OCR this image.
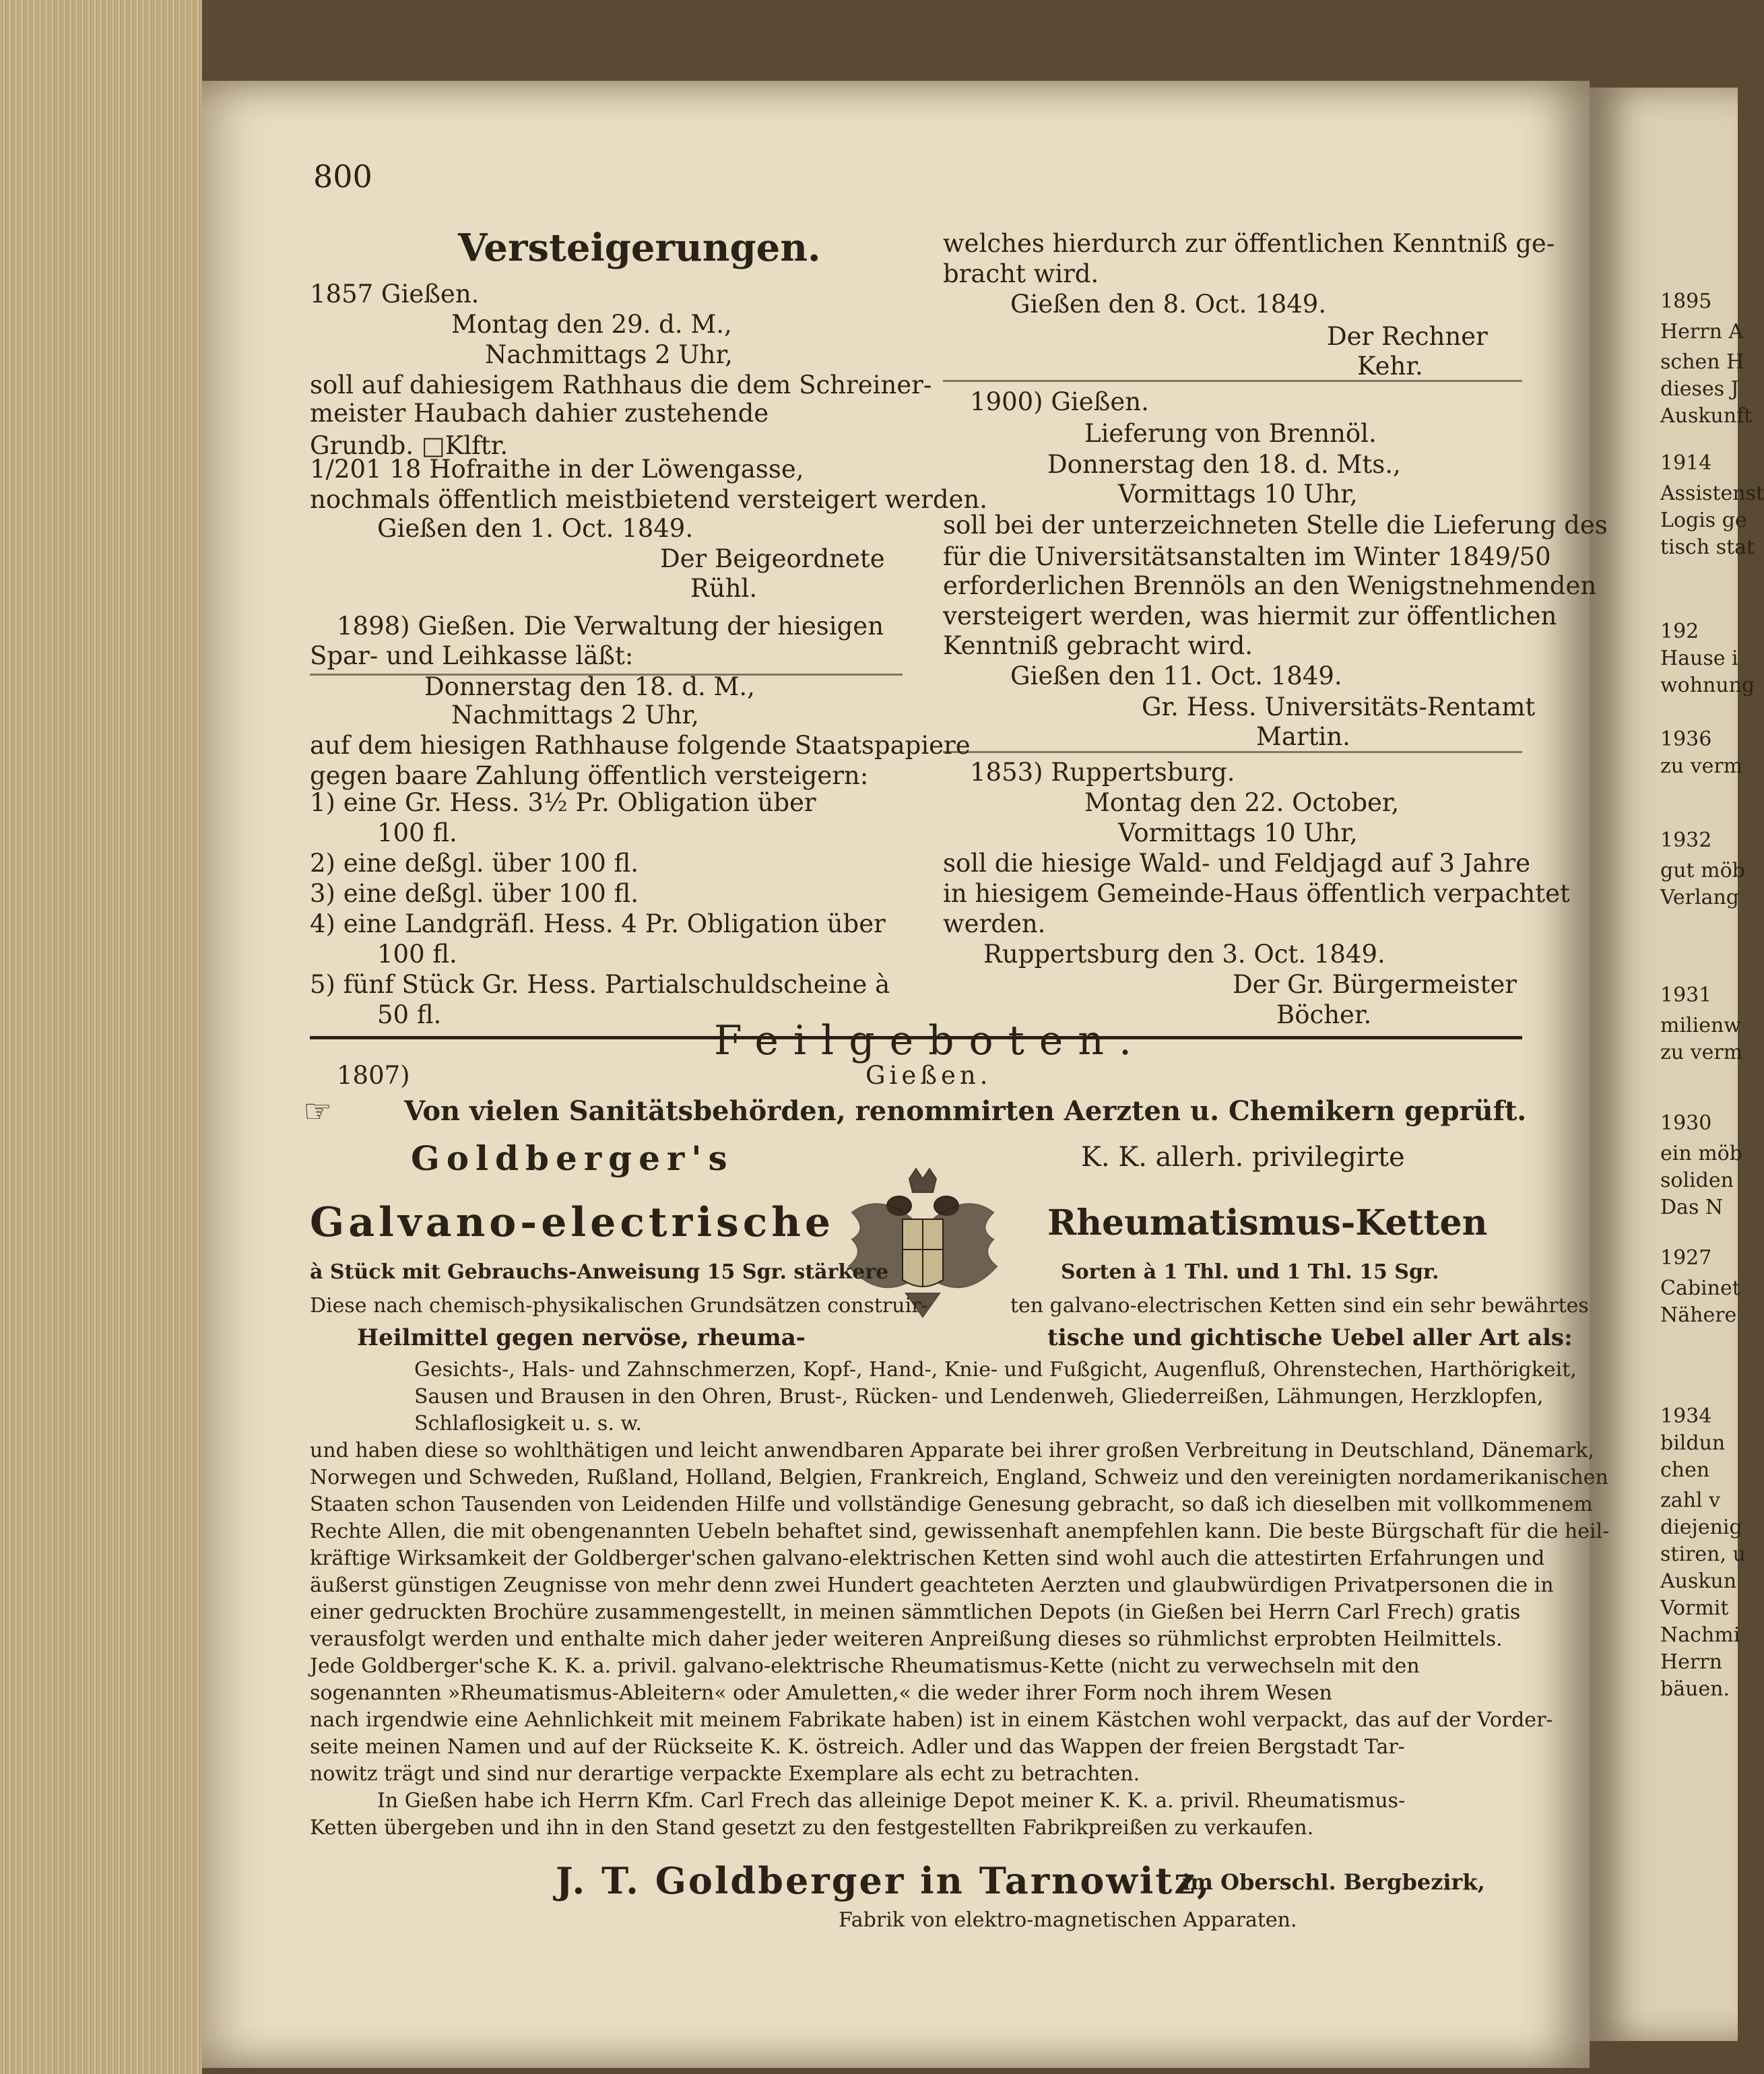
1895
Herrn A
schen H
dieses J
Auskunft
1914
Assistenst
Logis ge
tisch stat
192
Hause i
wohnung
1936
zu verm
1932
gut möb
Verlang
1931
milienw
zu verm
1930
ein möb
soliden
Das N
1927
Cabinet
Nähere
1934
bildun
chen
zahl v
diejenig
stiren, u
Auskun
Vormit
Nachmi
Herrn
bäuen.
800
Versteigerungen.
Feilgeboten.
1807)	Gießen.
☞	Von vielen Sanitätsbehörden, renommirten Aerzten u. Chemikern geprüft.
Goldberger's	K. K. allerh. privilegirte
Galvano-electrische	Rheumatismus-Ketten
à Stück mit Gebrauchs-Anweisung 15 Sgr. stärkere	Sorten à 1 Thl. und 1 Thl. 15 Sgr.
Diese nach chemisch-physikalischen Grundsätzen construir-	ten galvano-electrischen Ketten sind ein sehr bewährtes
Heilmittel gegen nervöse, rheuma-	tische und gichtische Uebel aller Art als:
J. T. Goldberger in Tarnowitz,
im Oberschl. Bergbezirk,
Fabrik von elektro-magnetischen Apparaten.
1857 Gießen.
Montag den 29. d. M.,
Nachmittags 2 Uhr,
soll auf dahiesigem Rathhaus die dem Schreiner-
meister Haubach dahier zustehende
Grundb. □Klftr.
1/201 18 Hofraithe in der Löwengasse,
nochmals öffentlich meistbietend versteigert werden.
Gießen den 1. Oct. 1849.
Der Beigeordnete
Rühl.
1898) Gießen. Die Verwaltung der hiesigen
Spar- und Leihkasse läßt:
Donnerstag den 18. d. M.,
Nachmittags 2 Uhr,
auf dem hiesigen Rathhause folgende Staatspapiere
gegen baare Zahlung öffentlich versteigern:
1) eine Gr. Hess. 3½ Pr. Obligation über
100 fl.
2) eine deßgl. über 100 fl.
3) eine deßgl. über 100 fl.
4) eine Landgräfl. Hess. 4 Pr. Obligation über
100 fl.
5) fünf Stück Gr. Hess. Partialschuldscheine à
50 fl.
welches hierdurch zur öffentlichen Kenntniß ge-
bracht wird.
Gießen den 8. Oct. 1849.
Der Rechner
Kehr.
1900) Gießen.
Lieferung von Brennöl.
Donnerstag den 18. d. Mts.,
Vormittags 10 Uhr,
soll bei der unterzeichneten Stelle die Lieferung des
für die Universitätsanstalten im Winter 1849/50
erforderlichen Brennöls an den Wenigstnehmenden
versteigert werden, was hiermit zur öffentlichen
Kenntniß gebracht wird.
Gießen den 11. Oct. 1849.
Gr. Hess. Universitäts-Rentamt
Martin.
1853) Ruppertsburg.
Montag den 22. October,
Vormittags 10 Uhr,
soll die hiesige Wald- und Feldjagd auf 3 Jahre
in hiesigem Gemeinde-Haus öffentlich verpachtet
werden.
Ruppertsburg den 3. Oct. 1849.
Der Gr. Bürgermeister
Böcher.
Gesichts-, Hals- und Zahnschmerzen, Kopf-, Hand-, Knie- und Fußgicht, Augenfluß, Ohrenstechen, Harthörigkeit,
Sausen und Brausen in den Ohren, Brust-, Rücken- und Lendenweh, Gliederreißen, Lähmungen, Herzklopfen,
Schlaflosigkeit u. s. w.
und haben diese so wohlthätigen und leicht anwendbaren Apparate bei ihrer großen Verbreitung in Deutschland, Dänemark,
Norwegen und Schweden, Rußland, Holland, Belgien, Frankreich, England, Schweiz und den vereinigten nordamerikanischen
Staaten schon Tausenden von Leidenden Hilfe und vollständige Genesung gebracht, so daß ich dieselben mit vollkommenem
Rechte Allen, die mit obengenannten Uebeln behaftet sind, gewissenhaft anempfehlen kann. Die beste Bürgschaft für die heil-
kräftige Wirksamkeit der Goldberger'schen galvano-elektrischen Ketten sind wohl auch die attestirten Erfahrungen und
äußerst günstigen Zeugnisse von mehr denn zwei Hundert geachteten Aerzten und glaubwürdigen Privatpersonen die in
einer gedruckten Brochüre zusammengestellt, in meinen sämmtlichen Depots (in Gießen bei Herrn Carl Frech) gratis
verausfolgt werden und enthalte mich daher jeder weiteren Anpreißung dieses so rühmlichst erprobten Heilmittels.
Jede Goldberger'sche K. K. a. privil. galvano-elektrische Rheumatismus-Kette (nicht zu verwechseln mit den
sogenannten »Rheumatismus-Ableitern« oder Amuletten,« die weder ihrer Form noch ihrem Wesen
nach irgendwie eine Aehnlichkeit mit meinem Fabrikate haben) ist in einem Kästchen wohl verpackt, das auf der Vorder-
seite meinen Namen und auf der Rückseite K. K. östreich. Adler und das Wappen der freien Bergstadt Tar-
nowitz trägt und sind nur derartige verpackte Exemplare als echt zu betrachten.
In Gießen habe ich Herrn Kfm. Carl Frech das alleinige Depot meiner K. K. a. privil. Rheumatismus-
Ketten übergeben und ihn in den Stand gesetzt zu den festgestellten Fabrikpreißen zu verkaufen.
